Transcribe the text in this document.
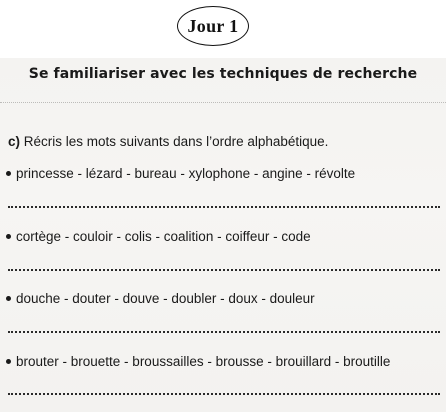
Jour 1
Se familiariser avec les techniques de recherche
c) Récris les mots suivants dans l’ordre alphabétique.
princesse - lézard - bureau - xylophone - angine - révolte
cortège - couloir - colis - coalition - coiffeur - code
douche - douter - douve - doubler - doux - douleur
brouter - brouette - broussailles - brousse - brouillard - broutille
